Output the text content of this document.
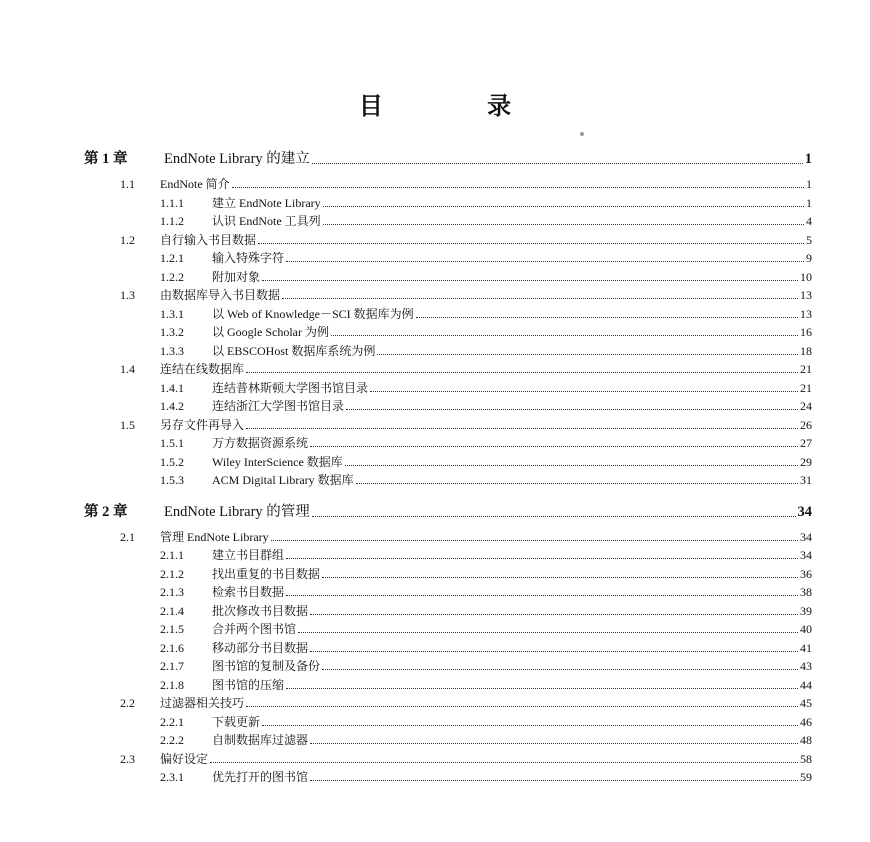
目 录
第 1 章	EndNote Library 的建立	1
1.1	EndNote 简介	1
1.1.1	建立 EndNote Library	1
1.1.2	认识 EndNote 工具列	4
1.2	自行输入书目数据	5
1.2.1	输入特殊字符	9
1.2.2	附加对象	10
1.3	由数据库导入书目数据	13
1.3.1	以 Web of Knowledge－SCI 数据库为例	13
1.3.2	以 Google Scholar 为例	16
1.3.3	以 EBSCOHost 数据库系统为例	18
1.4	连结在线数据库	21
1.4.1	连结普林斯顿大学图书馆目录	21
1.4.2	连结浙江大学图书馆目录	24
1.5	另存文件再导入	26
1.5.1	万方数据资源系统	27
1.5.2	Wiley InterScience 数据库	29
1.5.3	ACM Digital Library 数据库	31
第 2 章	EndNote Library 的管理	34
2.1	管理 EndNote Library	34
2.1.1	建立书目群组	34
2.1.2	找出重复的书目数据	36
2.1.3	检索书目数据	38
2.1.4	批次修改书目数据	39
2.1.5	合并两个图书馆	40
2.1.6	移动部分书目数据	41
2.1.7	图书馆的复制及备份	43
2.1.8	图书馆的压缩	44
2.2	过滤器相关技巧	45
2.2.1	下载更新	46
2.2.2	自制数据库过滤器	48
2.3	偏好设定	58
2.3.1	优先打开的图书馆	59
